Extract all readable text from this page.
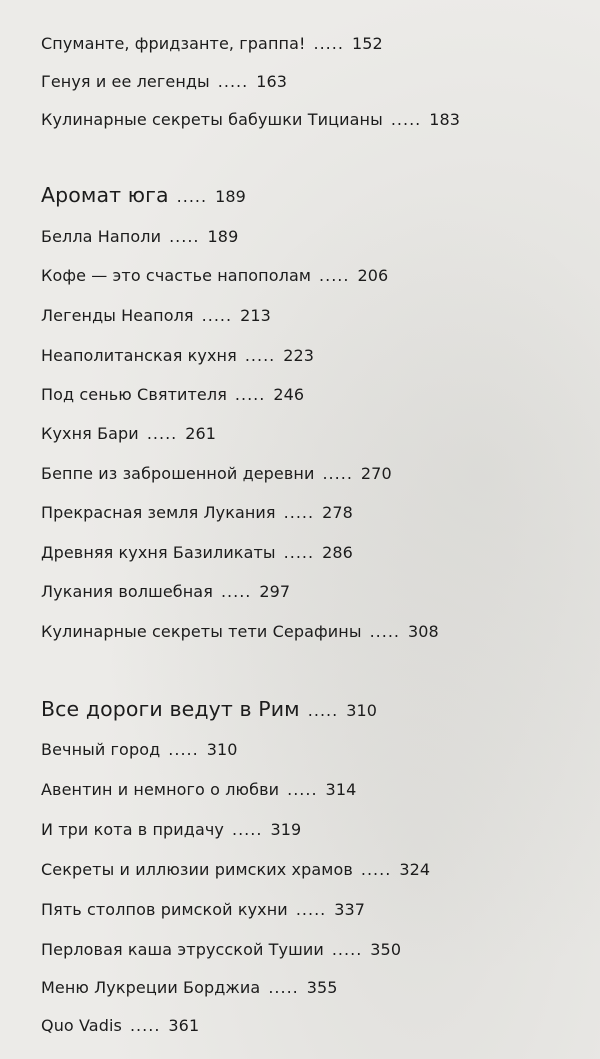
Спуманте, фридзанте, граппа! ..... 152
Генуя и ее легенды ..... 163
Кулинарные секреты бабушки Тицианы ..... 183
Аромат юга ..... 189
Белла Наполи ..... 189
Кофе — это счастье напополам ..... 206
Легенды Неаполя ..... 213
Неаполитанская кухня ..... 223
Под сенью Святителя ..... 246
Кухня Бари ..... 261
Беппе из заброшенной деревни ..... 270
Прекрасная земля Лукания ..... 278
Древняя кухня Базиликаты ..... 286
Лукания волшебная ..... 297
Кулинарные секреты тети Серафины ..... 308
Все дороги ведут в Рим ..... 310
Вечный город ..... 310
Авентин и немного о любви ..... 314
И три кота в придачу ..... 319
Секреты и иллюзии римских храмов ..... 324
Пять столпов римской кухни ..... 337
Перловая каша этрусской Тушии ..... 350
Меню Лукреции Борджиа ..... 355
Quo Vadis ..... 361
